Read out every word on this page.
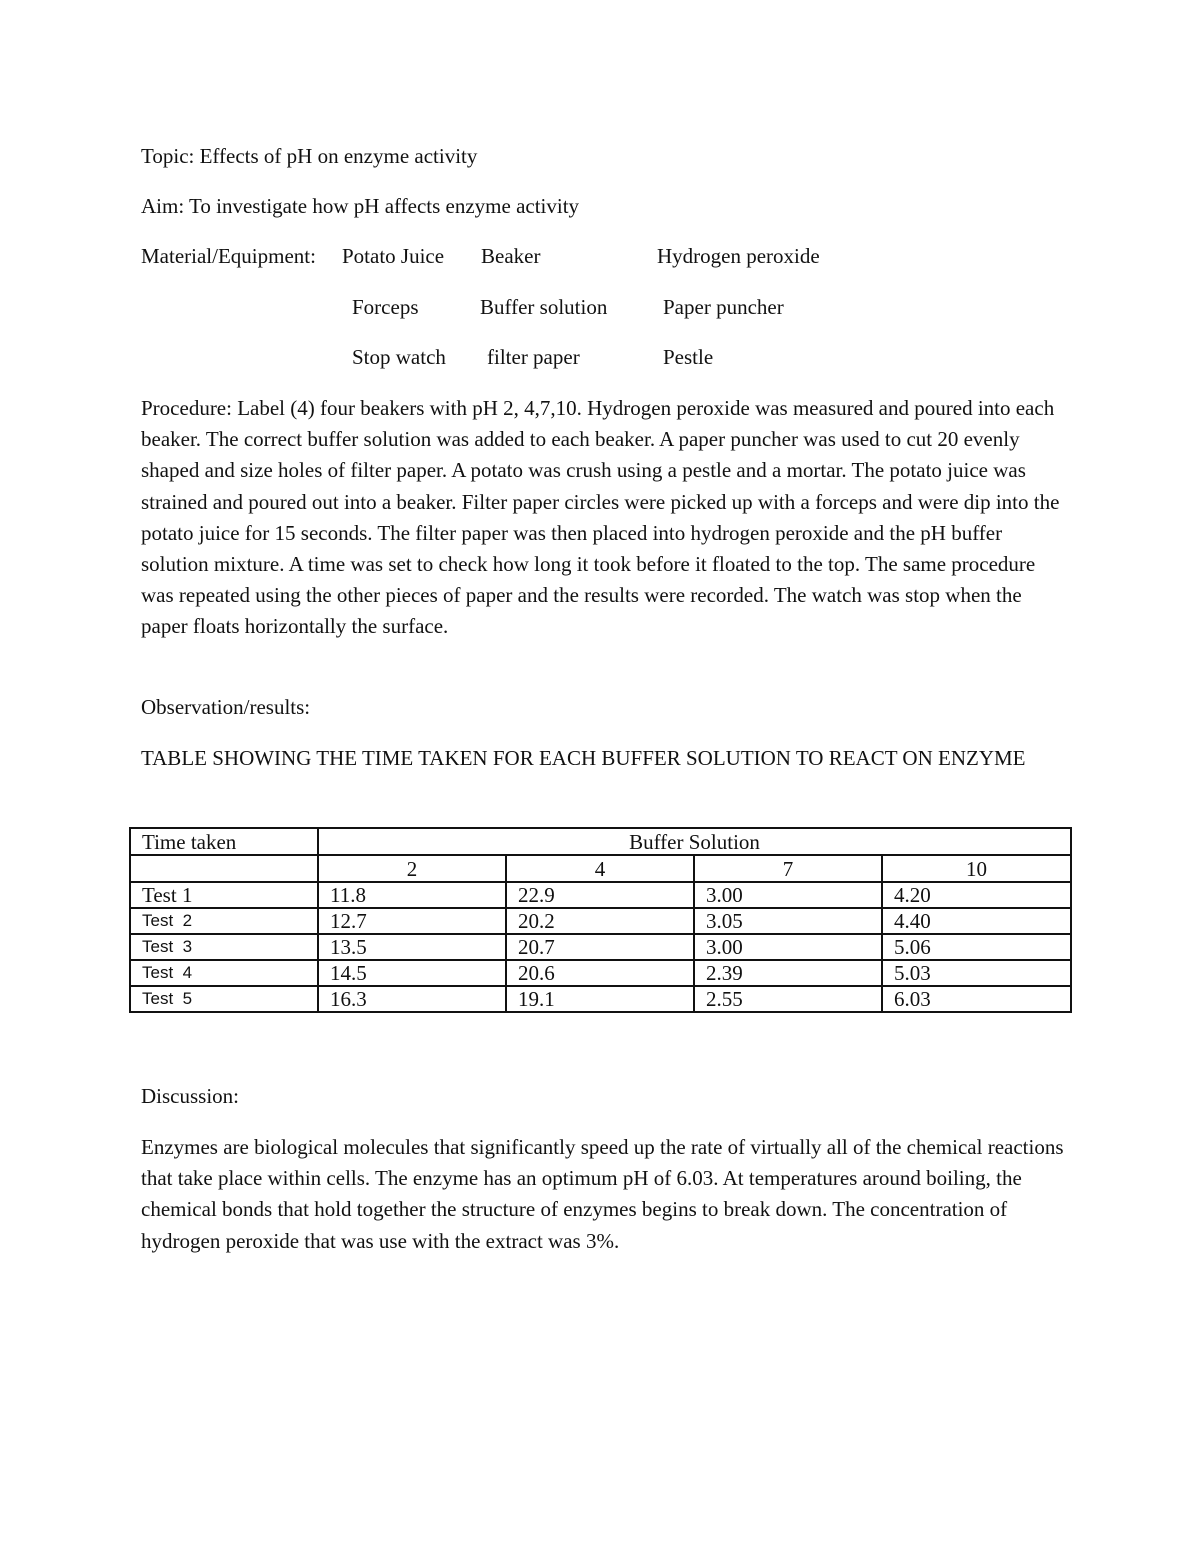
Topic: Effects of pH on enzyme activity
Aim: To investigate how pH affects enzyme activity
Material/Equipment: Potato Juice Beaker	Hydrogen peroxide
Forceps	Buffer solution	Paper puncher
Stop watch filter paper	Pestle

Procedure: Label (4) four beakers with pH 2, 4,7,10. Hydrogen peroxide was measured and poured into each beaker. The correct buffer solution was added to each beaker. A paper puncher was used to cut 20 evenly shaped and size holes of filter paper. A potato was crush using a pestle and a mortar. The potato juice was strained and poured out into a beaker. Filter paper circles were picked up with a forceps and were dip into the potato juice for 15 seconds. The filter paper was then placed into hydrogen peroxide and the pH buffer solution mixture. A time was set to check how long it took before it floated to the top. The same procedure was repeated using the other pieces of paper and the results were recorded. The watch was stop when the paper floats horizontally the surface.

Observation/results:

TABLE SHOWING THE TIME TAKEN FOR EACH BUFFER SOLUTION TO REACT ON ENZYME

Time taken	Buffer Solution			
	2	4	7	10
Test 1	11.8	22.9	3.00	4.20
Test  2	12.7	20.2	3.05	4.40
Test  3	13.5	20.7	3.00	5.06
Test  4	14.5	20.6	2.39	5.03
Test  5	16.3	19.1	2.55	6.03
Discussion:

Enzymes are biological molecules that significantly speed up the rate of virtually all of the chemical reactions that take place within cells. The enzyme has an optimum pH of 6.03. At temperatures around boiling, the chemical bonds that hold together the structure of enzymes begins to break down. The concentration of hydrogen peroxide that was use with the extract was 3%.
